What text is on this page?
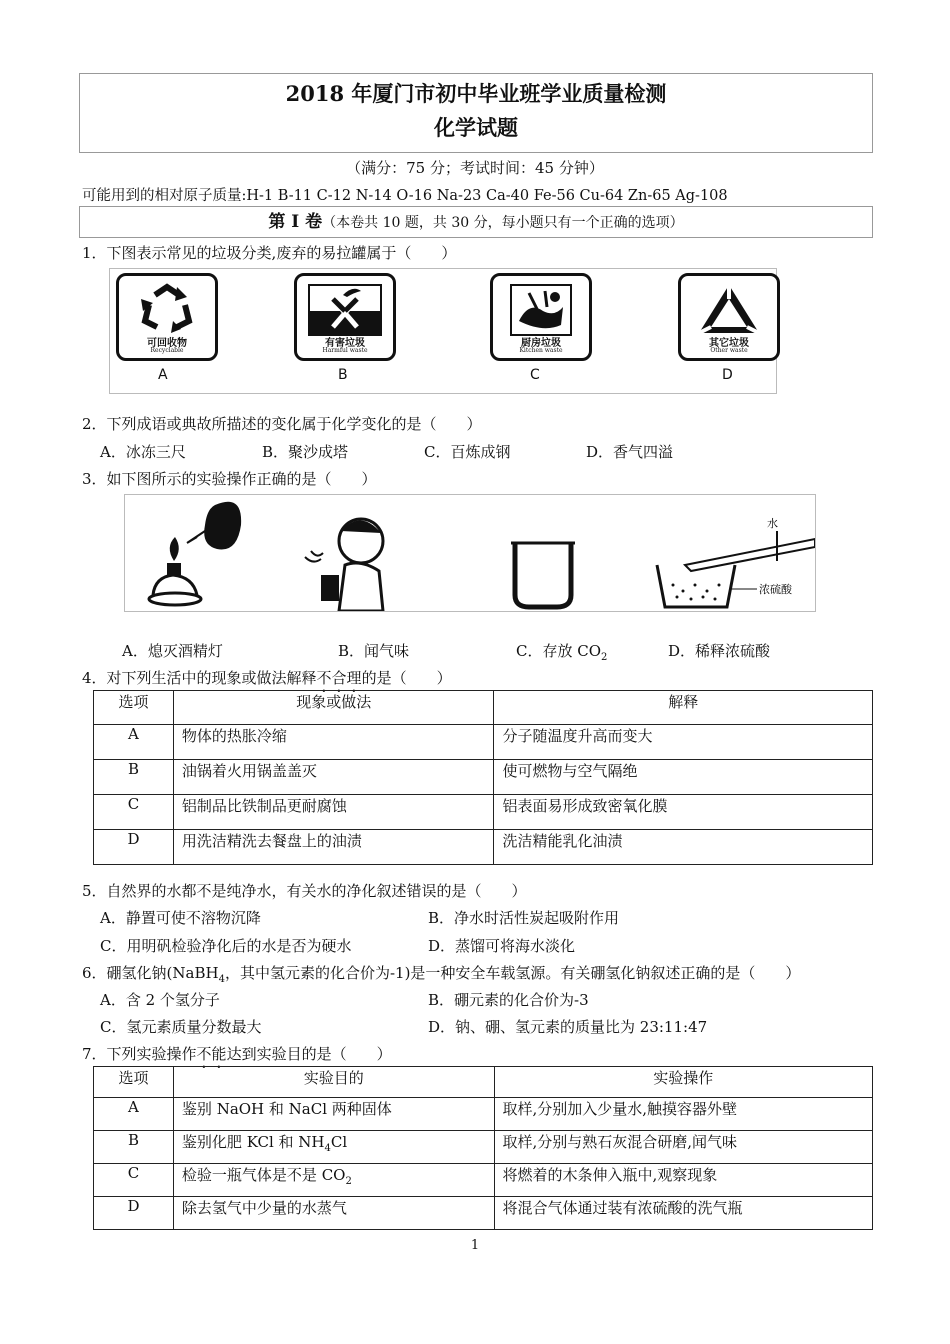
2018 年厦门市初中毕业班学业质量检测
化学试题
（满分：75 分；考试时间：45 分钟）
可能用到的相对原子质量:H-1 B-11 C-12 N-14 O-16 Na-23 Ca-40 Fe-56 Cu-64 Zn-65 Ag-108
第 Ⅰ 卷（本卷共 10 题，共 30 分，每小题只有一个正确的选项）
1．下图表示常见的垃圾分类,废弃的易拉罐属于（　　）
可回收物
Recyclable
A
有害垃圾
Harmful waste
B
厨房垃圾
Kitchen waste
C
其它垃圾
Other waste
D
2．下列成语或典故所描述的变化属于化学变化的是（　　）
A．冰冻三尺	B．聚沙成塔	C．百炼成钢	D．香气四溢
3．如下图所示的实验操作正确的是（　　）
水
浓硫酸
A．熄灭酒精灯	B．闻气味	C．存放 $CO_2$	D．稀释浓硫酸
4．对下列生活中的现象或做法解释不合理的是（　　）
选项	现象或做法	解释
A	物体的热胀冷缩	分子随温度升高而变大
B	油锅着火用锅盖盖灭	使可燃物与空气隔绝
C	铝制品比铁制品更耐腐蚀	铝表面易形成致密氧化膜
D	用洗洁精洗去餐盘上的油渍	洗洁精能乳化油渍
5．自然界的水都不是纯净水，有关水的净化叙述错误的是（　　）
A．静置可使不溶物沉降	B．净水时活性炭起吸附作用
C．用明矾检验净化后的水是否为硬水	D．蒸馏可将海水淡化
6．硼氢化钠(NaBH$_4$，其中氢元素的化合价为-1)是一种安全车载氢源。有关硼氢化钠叙述正确的是（　　）
A．含 2 个氢分子	B．硼元素的化合价为-3
C．氢元素质量分数最大	D．钠、硼、氢元素的质量比为 23:11:47
7．下列实验操作不能达到实验目的是（　　）
选项	实验目的	实验操作
A	鉴别 NaOH 和 NaCl 两种固体	取样,分别加入少量水,触摸容器外壁
B	鉴别化肥 KCl 和 $NH_4Cl$	取样,分别与熟石灰混合研磨,闻气味
C	检验一瓶气体是不是 $CO_2$	将燃着的木条伸入瓶中,观察现象
D	除去氢气中少量的水蒸气	将混合气体通过装有浓硫酸的洗气瓶
1
